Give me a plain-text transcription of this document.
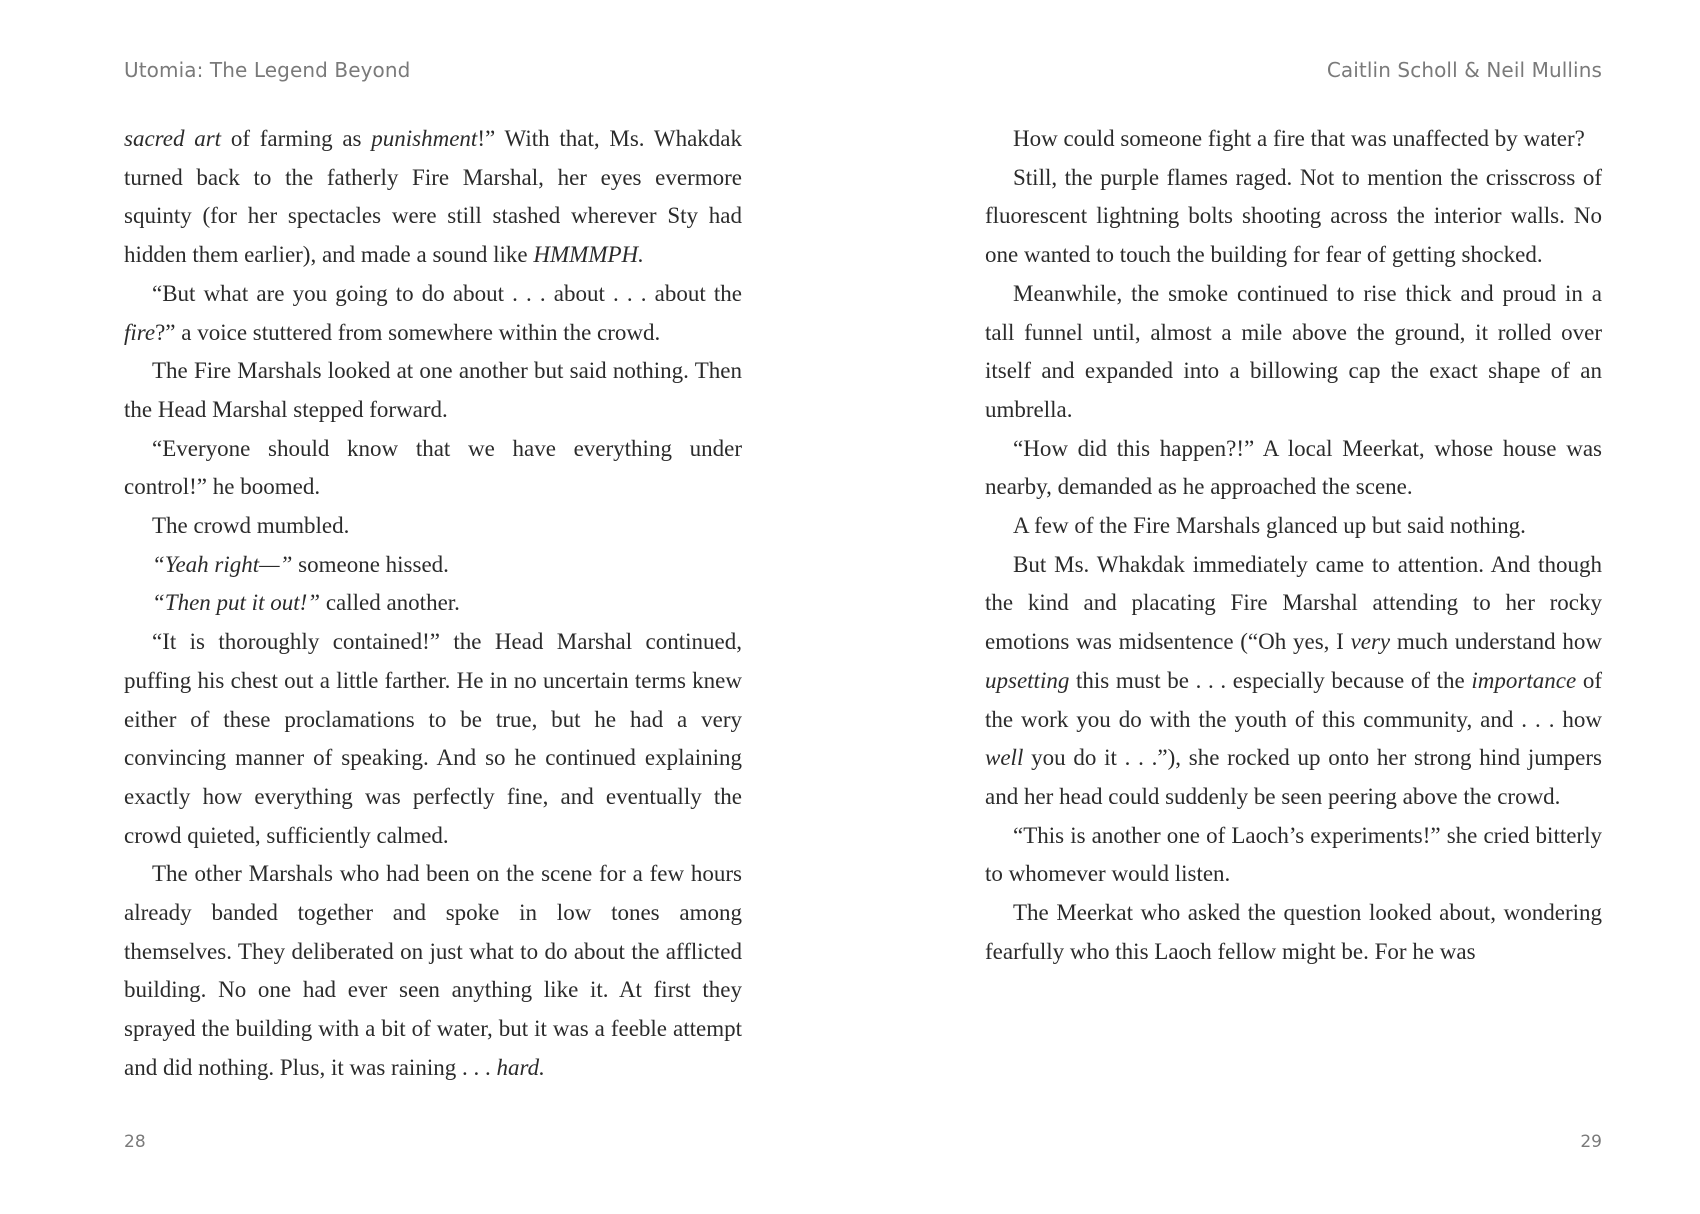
Utomia: The Legend Beyond

sacred art of farming as punishment!” With that, Ms. Whakdak turned back to the fatherly Fire Marshal, her eyes evermore squinty (for her spectacles were still stashed wherever Sty had hidden them earlier), and made a sound like HMMMPH.

“But what are you going to do about . . . about . . . about the fire?” a voice stuttered from somewhere within the crowd.

The Fire Marshals looked at one another but said nothing. Then the Head Marshal stepped forward.

“Everyone should know that we have everything under control!” he boomed.

The crowd mumbled.

“Yeah right—” someone hissed.

“Then put it out!” called another.

“It is thoroughly contained!” the Head Marshal continued, puffing his chest out a little farther. He in no uncertain terms knew either of these proclamations to be true, but he had a very convincing manner of speaking. And so he continued explaining exactly how everything was perfectly fine, and eventually the crowd quieted, sufficiently calmed.

The other Marshals who had been on the scene for a few hours already banded together and spoke in low tones among themselves. They deliberated on just what to do about the afflicted building. No one had ever seen anything like it. At first they sprayed the building with a bit of water, but it was a feeble attempt and did nothing. Plus, it was raining . . . hard.

28
Caitlin Scholl & Neil Mullins

How could someone fight a fire that was unaffected by water?

Still, the purple flames raged. Not to mention the crisscross of fluorescent lightning bolts shooting across the interior walls. No one wanted to touch the building for fear of getting shocked.

Meanwhile, the smoke continued to rise thick and proud in a tall funnel until, almost a mile above the ground, it rolled over itself and expanded into a billowing cap the exact shape of an umbrella.

“How did this happen?!” A local Meerkat, whose house was nearby, demanded as he approached the scene.

A few of the Fire Marshals glanced up but said nothing.

But Ms. Whakdak immediately came to attention. And though the kind and placating Fire Marshal attending to her rocky emotions was midsentence (“Oh yes, I very much understand how upsetting this must be . . . especially because of the importance of the work you do with the youth of this community, and . . . how well you do it . . .”), she rocked up onto her strong hind jumpers and her head could suddenly be seen peering above the crowd.

“This is another one of Laoch’s experiments!” she cried bitterly to whomever would listen.

The Meerkat who asked the question looked about, wondering fearfully who this Laoch fellow might be. For he was

29
